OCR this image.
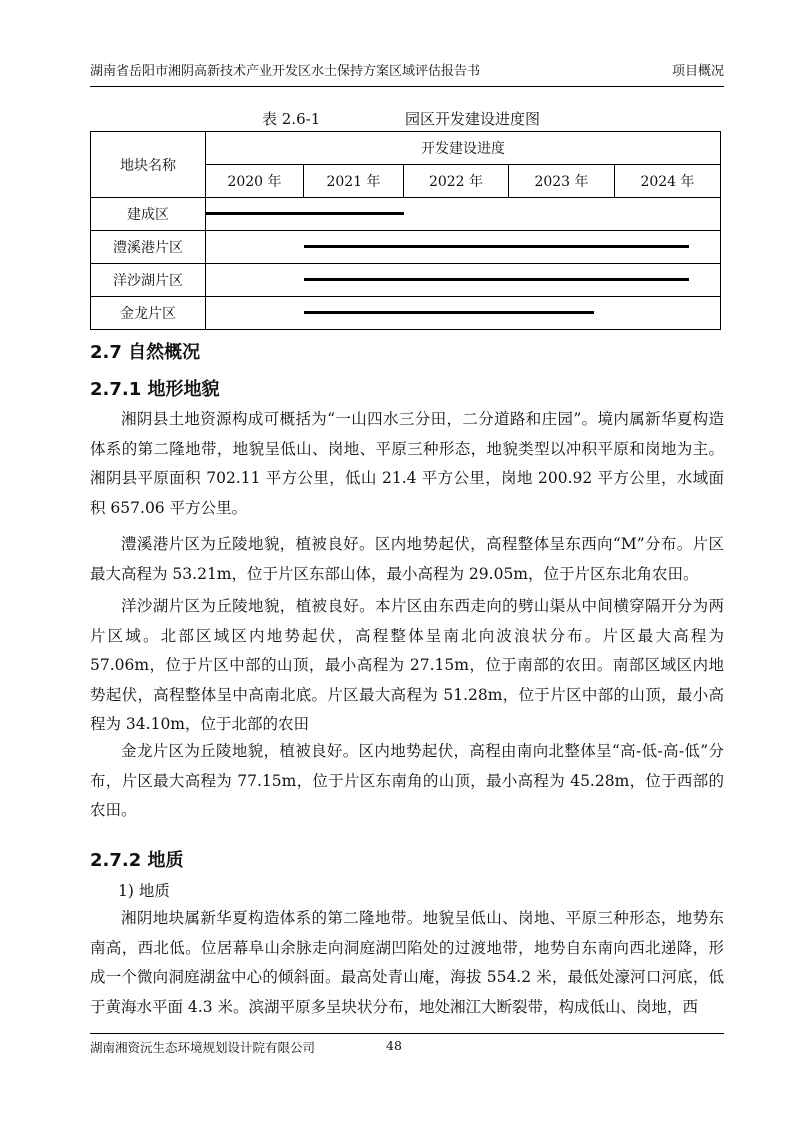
湖南省岳阳市湘阴高新技术产业开发区水土保持方案区域评估报告书	项目概况
表 2.6-1	园区开发建设进度图
地块名称	开发建设进度				
	2020 年	2021 年	2022 年	2023 年	2024 年
建成区					

澧溪港片区					

洋沙湖片区					

金龙片区					
2.7 自然概况
2.7.1 地形地貌

湘阴县土地资源构成可概括为“一山四水三分田，二分道路和庄园”。境内属新华夏构造体系的第二隆地带，地貌呈低山、岗地、平原三种形态，地貌类型以冲积平原和岗地为主。湘阴县平原面积 702.11 平方公里，低山 21.4 平方公里，岗地 200.92 平方公里，水域面积 657.06 平方公里。

澧溪港片区为丘陵地貌，植被良好。区内地势起伏，高程整体呈东西向“M”分布。片区最大高程为 53.21m，位于片区东部山体，最小高程为 29.05m，位于片区东北角农田。

洋沙湖片区为丘陵地貌，植被良好。本片区由东西走向的劈山渠从中间横穿隔开分为两片区域。北部区域区内地势起伏，高程整体呈南北向波浪状分布。片区最大高程为 57.06m，位于片区中部的山顶，最小高程为 27.15m，位于南部的农田。南部区域区内地势起伏，高程整体呈中高南北底。片区最大高程为 51.28m，位于片区中部的山顶，最小高程为 34.10m，位于北部的农田

金龙片区为丘陵地貌，植被良好。区内地势起伏，高程由南向北整体呈“高-低-高-低”分布，片区最大高程为 77.15m，位于片区东南角的山顶，最小高程为 45.28m，位于西部的农田。

2.7.2 地质
1) 地质

湘阴地块属新华夏构造体系的第二隆地带。地貌呈低山、岗地、平原三种形态，地势东南高，西北低。位居幕阜山余脉走向洞庭湖凹陷处的过渡地带，地势自东南向西北递降，形成一个微向洞庭湖盆中心的倾斜面。最高处青山庵，海拔 554.2 米，最低处濠河口河底，低于黄海水平面 4.3 米。滨湖平原多呈块状分布，地处湘江大断裂带，构成低山、岗地，西

湖南湘资沅生态环境规划设计院有限公司	48
